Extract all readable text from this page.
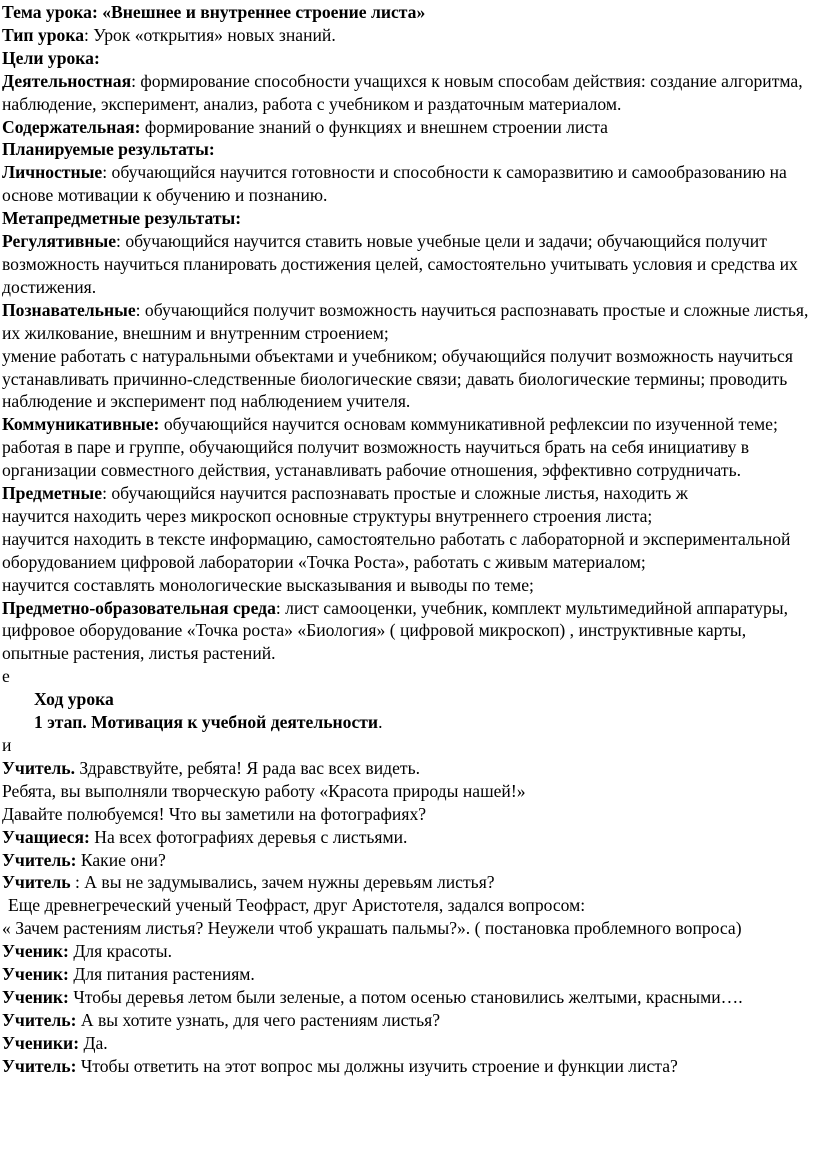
Тема урока: «Внешнее и внутреннее строение листа»

Тип урока: Урок «открытия» новых знаний.

Цели урока:

Деятельностная: формирование способности учащихся к новым способам действия: создание алгоритма, наблюдение, эксперимент, анализ, работа с учебником и раздаточным материалом.

Содержательная: формирование знаний о функциях и внешнем строении листа

Планируемые результаты:

Личностные: обучающийся научится готовности и способности к саморазвитию и самообразованию на основе мотивации к обучению и познанию.

Метапредметные результаты:

Регулятивные: обучающийся научится ставить новые учебные цели и задачи; обучающийся получит возможность научиться планировать достижения целей, самостоятельно учитывать условия и средства их достижения.

Познавательные: обучающийся получит возможность научиться распознавать простые и сложные листья, их жилкование, внешним и внутренним строением;

умение работать с натуральными объектами и учебником; обучающийся получит возможность научиться устанавливать причинно-следственные биологические связи; давать биологические термины; проводить наблюдение и эксперимент под наблюдением учителя.

Коммуникативные: обучающийся научится основам коммуникативной рефлексии по изученной теме; работая в паре и группе, обучающийся получит возможность научиться брать на себя инициативу в организации совместного действия, устанавливать рабочие отношения, эффективно сотрудничать.

Предметные: обучающийся научится распознавать простые и сложные листья, находить ж

научится находить через микроскоп основные структуры внутреннего строения листа;

научится находить в тексте информацию, самостоятельно работать с лабораторной и экспериментальной оборудованием цифровой лаборатории «Точка Роста», работать с живым материалом;

научится составлять монологические высказывания и выводы по теме;

Предметно-образовательная среда: лист самооценки, учебник, комплект мультимедийной аппаратуры, цифровое оборудование «Точка роста» «Биология» ( цифровой микроскоп) , инструктивные карты, опытные растения, листья растений.

е

Ход урока

1 этап. Мотивация к учебной деятельности.

и

Учитель. Здравствуйте, ребята! Я рада вас всех видеть.

Ребята, вы выполняли творческую работу «Красота природы нашей!»

Давайте полюбуемся! Что вы заметили на фотографиях?

Учащиеся: На всех фотографиях деревья с листьями.

Учитель: Какие они?

Учитель : А вы не задумывались, зачем нужны деревьям листья?

Еще древнегреческий ученый Теофраст, друг Аристотеля, задался вопросом:

« Зачем растениям листья? Неужели чтоб украшать пальмы?». ( постановка проблемного вопроса)

Ученик: Для красоты.

Ученик: Для питания растениям.

Ученик: Чтобы деревья летом были зеленые, а потом осенью становились желтыми, красными….

Учитель: А вы хотите узнать, для чего растениям листья?

Ученики: Да.

Учитель: Чтобы ответить на этот вопрос мы должны изучить строение и функции листа?
